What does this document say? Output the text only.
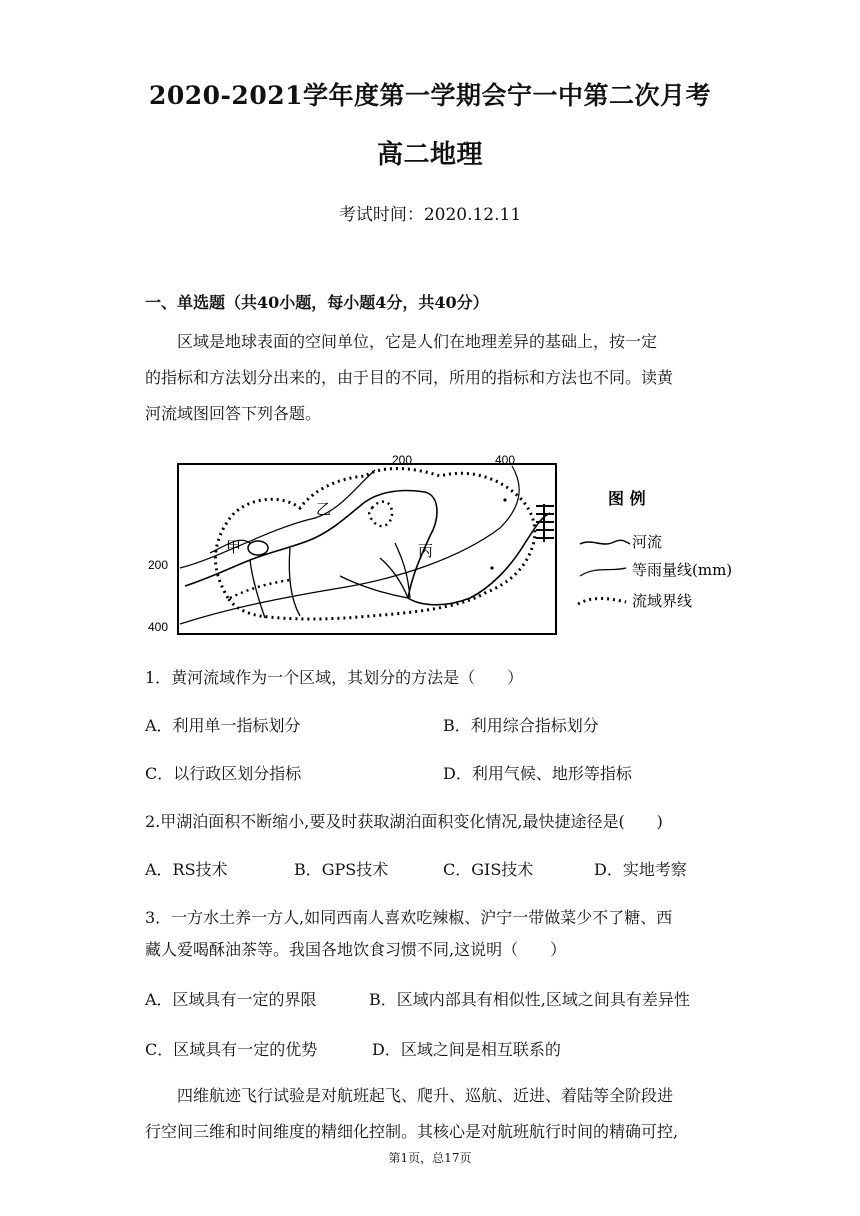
2020-2021学年度第一学期会宁一中第二次月考
高二地理
考试时间：2020.12.11
一、单选题（共40小题，每小题4分，共40分）

区域是地球表面的空间单位，它是人们在地理差异的基础上，按一定

的指标和方法划分出来的，由于目的不同，所用的指标和方法也不同。读黄

河流域图回答下列各题。

200	400
200
400
甲
乙
丙
图 例
河流
等雨量线(mm)
流域界线
1．黄河流域作为一个区域，其划分的方法是（　　）
A．利用单一指标划分	B．利用综合指标划分
C．以行政区划分指标	D．利用气候、地形等指标
2.甲湖泊面积不断缩小,要及时获取湖泊面积变化情况,最快捷途径是(　　)
A．RS技术	B．GPS技术	C．GIS技术	D．实地考察
3．一方水土养一方人,如同西南人喜欢吃辣椒、沪宁一带做菜少不了糖、西
藏人爱喝酥油茶等。我国各地饮食习惯不同,这说明（　　）
A．区域具有一定的界限	B．区域内部具有相似性,区域之间具有差异性
C．区域具有一定的优势	D．区域之间是相互联系的

四维航迹飞行试验是对航班起飞、爬升、巡航、近进、着陆等全阶段进

行空间三维和时间维度的精细化控制。其核心是对航班航行时间的精确可控,

第1页，总17页
